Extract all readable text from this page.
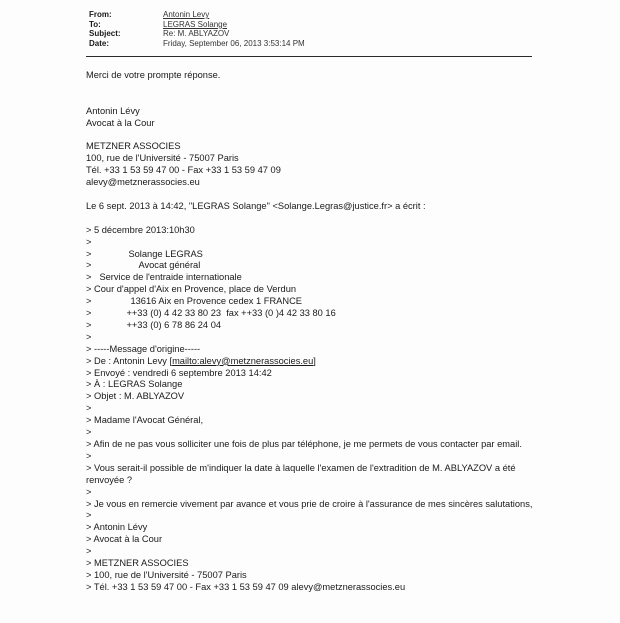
From:	Antonin Levy
To:	LEGRAS Solange
Subject:	Re: M. ABLYAZOV
Date:	Friday, September 06, 2013 3:53:14 PM
Merci de votre prompte réponse.
Antonin Lévy
Avocat à la Cour
METZNER ASSOCIES
100, rue de l'Université - 75007 Paris
Tél. +33 1 53 59 47 00 - Fax +33 1 53 59 47 09
alevy@metznerassocies.eu
Le 6 sept. 2013 à 14:42, "LEGRAS Solange" <Solange.Legras@justice.fr> a écrit :
> 5 décembre 2013:10h30
>
>	Solange LEGRAS
>	Avocat général
> Service de l'entraide internationale
> Cour d'appel d'Aix en Provence, place de Verdun
>	13616 Aix en Provence cedex 1 FRANCE
>	++33 (0) 4 42 33 80 23  fax ++33 (0 )4 42 33 80 16
>	++33 (0) 6 78 86 24 04
>
> -----Message d'origine-----
> De : Antonin Levy [mailto:alevy@metznerassocies.eu]
> Envoyé : vendredi 6 septembre 2013 14:42
> À : LEGRAS Solange
> Objet : M. ABLYAZOV
>
> Madame l'Avocat Général,
>
> Afin de ne pas vous solliciter une fois de plus par téléphone, je me permets de vous contacter par email.
>
> Vous serait-il possible de m'indiquer la date à laquelle l'examen de l'extradition de M. ABLYAZOV a été renvoyée ?
>
> Je vous en remercie vivement par avance et vous prie de croire à l'assurance de mes sincères salutations,
>
> Antonin Lévy
> Avocat à la Cour
>
> METZNER ASSOCIES
> 100, rue de l'Université - 75007 Paris
> Tél. +33 1 53 59 47 00 - Fax +33 1 53 59 47 09 alevy@metznerassocies.eu
